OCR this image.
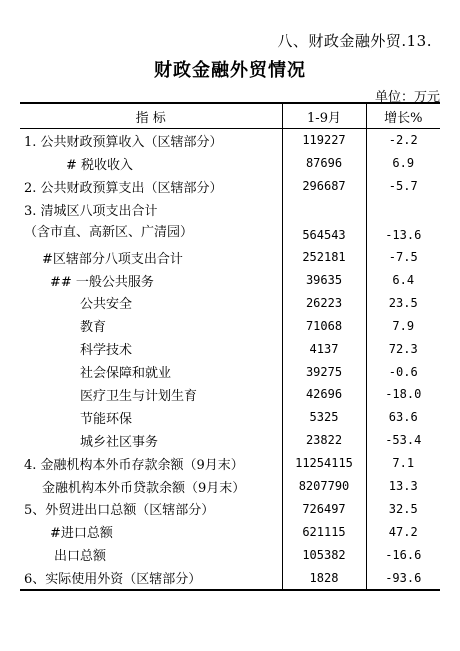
八、财政金融外贸.13.
财政金融外贸情况
单位：万元
指 标	1-9月	增长%
1. 公共财政预算收入（区辖部分）	119227	-2.2
# 税收收入	87696	6.9
2. 公共财政预算支出（区辖部分）	296687	-5.7

3. 清城区八项支出合计
（含市直、高新区、广清园）	564543	-13.6
#区辖部分八项支出合计	252181	-7.5
## 一般公共服务	39635	6.4
公共安全	26223	23.5
教育	71068	7.9
科学技术	4137	72.3
社会保障和就业	39275	-0.6
医疗卫生与计划生育	42696	-18.0
节能环保	5325	63.6
城乡社区事务	23822	-53.4
4. 金融机构本外币存款余额（9月末）	11254115	7.1
金融机构本外币贷款余额（9月末）	8207790	13.3
5、外贸进出口总额（区辖部分）	726497	32.5
#进口总额	621115	47.2
出口总额	105382	-16.6
6、实际使用外资（区辖部分）	1828	-93.6
